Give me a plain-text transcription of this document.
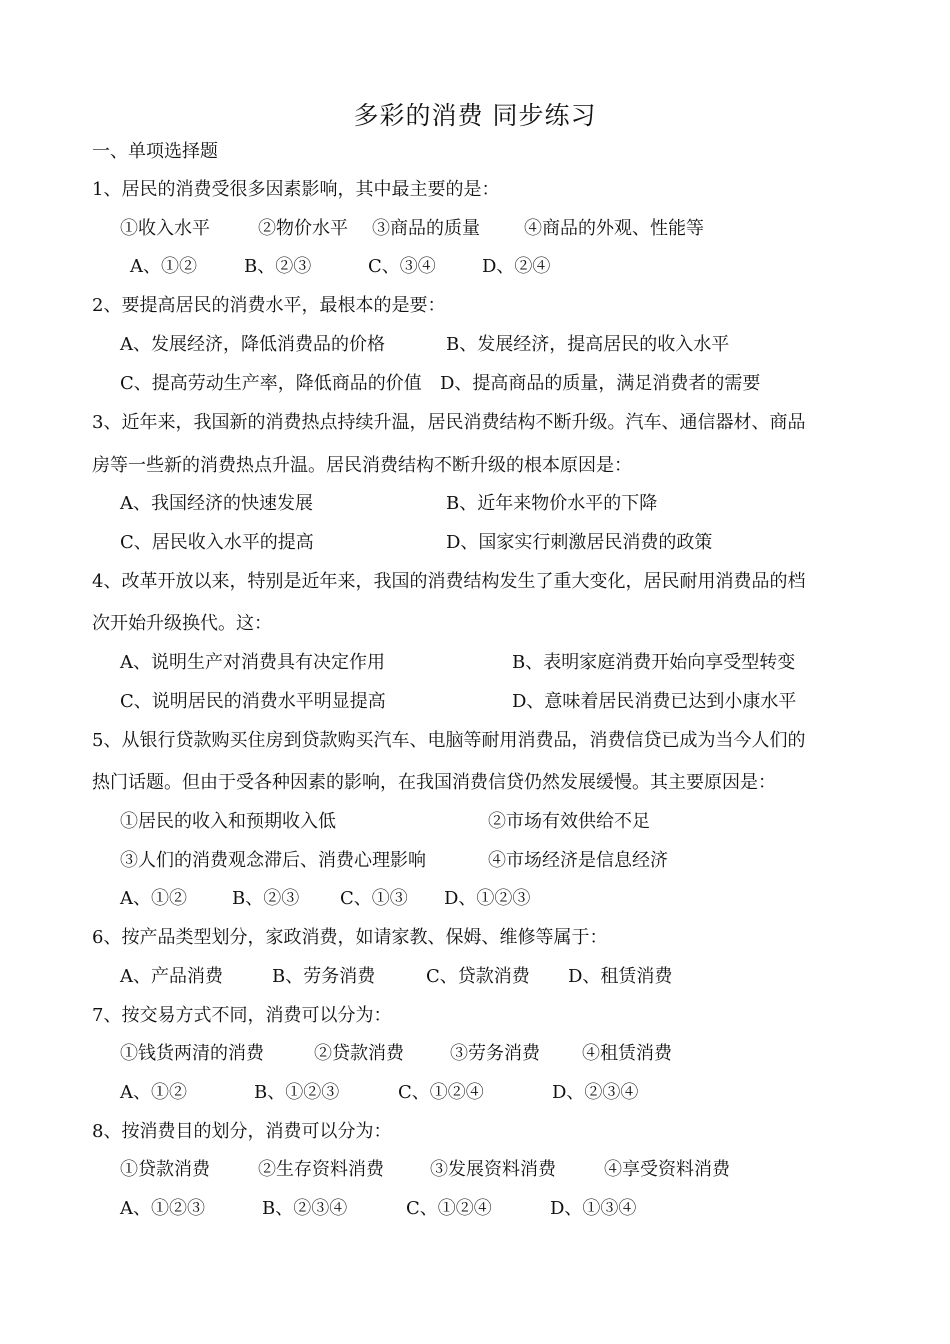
多彩的消费 同步练习
一、单项选择题
1、居民的消费受很多因素影响，其中最主要的是：
①收入水平	②物价水平 ③商品的质量 ④商品的外观、性能等
A、①②	B、②③	C、③④	D、②④
2、要提高居民的消费水平，最根本的是要：
A、发展经济，降低消费品的价格	B、发展经济，提高居民的收入水平
C、提高劳动生产率，降低商品的价值 D、提高商品的质量，满足消费者的需要
3、近年来，我国新的消费热点持续升温，居民消费结构不断升级。汽车、通信器材、商品
房等一些新的消费热点升温。居民消费结构不断升级的根本原因是：
A、我国经济的快速发展	B、近年来物价水平的下降
C、居民收入水平的提高	D、国家实行刺激居民消费的政策
4、改革开放以来，特别是近年来，我国的消费结构发生了重大变化，居民耐用消费品的档
次开始升级换代。这：
A、说明生产对消费具有决定作用	B、表明家庭消费开始向享受型转变
C、说明居民的消费水平明显提高	D、意味着居民消费已达到小康水平
5、从银行贷款购买住房到贷款购买汽车、电脑等耐用消费品，消费信贷已成为当今人们的
热门话题。但由于受各种因素的影响，在我国消费信贷仍然发展缓慢。其主要原因是：
①居民的收入和预期收入低	②市场有效供给不足
③人们的消费观念滞后、消费心理影响	④市场经济是信息经济
A、①②	B、②③ C、①③ D、①②③
6、按产品类型划分，家政消费，如请家教、保姆、维修等属于：
A、产品消费	B、劳务消费	C、贷款消费 D、租赁消费
7、按交易方式不同，消费可以分为：
①钱货两清的消费	②贷款消费	③劳务消费 ④租赁消费
A、①②	B、①②③	C、①②④	D、②③④
8、按消费目的划分，消费可以分为：
①贷款消费	②生存资料消费	③发展资料消费	④享受资料消费
A、①②③	B、②③④	C、①②④	D、①③④
